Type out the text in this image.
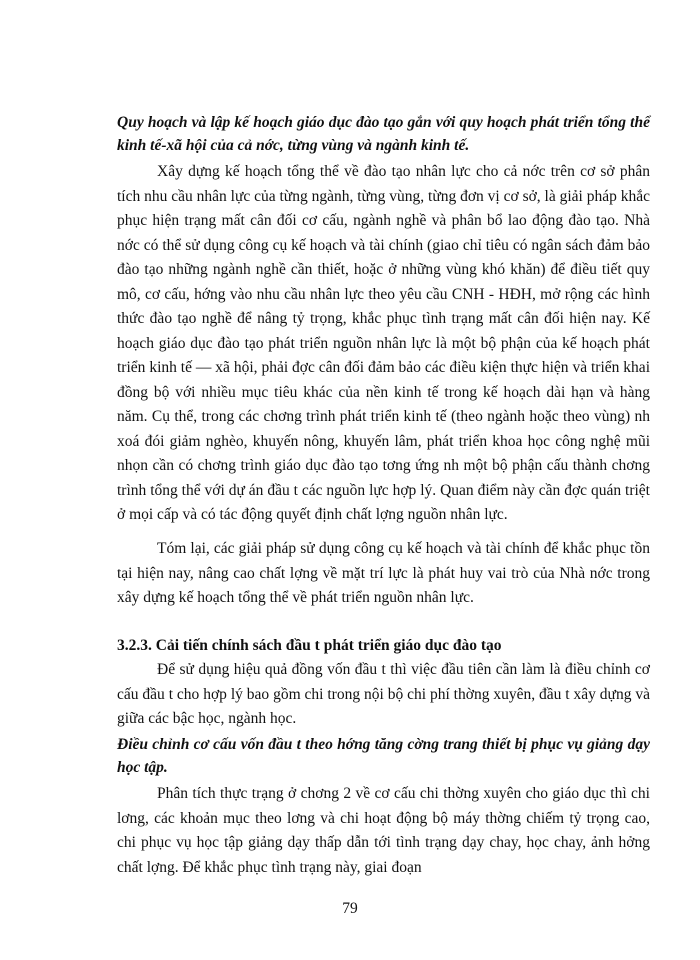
Quy hoạch và lập kế hoạch giáo dục đào tạo gắn với quy hoạch phát triển tổng thể kinh tế-xã hội của cả nớc, từng vùng và ngành kinh tế.

Xây dựng kế hoạch tổng thể về đào tạo nhân lực cho cả nớc trên cơ sở phân tích nhu cầu nhân lực của từng ngành, từng vùng, từng đơn vị cơ sở, là giải pháp khắc phục hiện trạng mất cân đối cơ cấu, ngành nghề và phân bổ lao động đào tạo. Nhà nớc có thể sử dụng công cụ kế hoạch và tài chính (giao chỉ tiêu có ngân sách đảm bảo đào tạo những ngành nghề cần thiết, hoặc ở những vùng khó khăn) để điều tiết quy mô, cơ cấu, hớng vào nhu cầu nhân lực theo yêu cầu CNH - HĐH, mở rộng các hình thức đào tạo nghề để nâng tỷ trọng, khắc phục tình trạng mất cân đối hiện nay. Kế hoạch giáo dục đào tạo phát triển nguồn nhân lực là một bộ phận của kế hoạch phát triển kinh tế — xã hội, phải đợc cân đối đảm bảo các điều kiện thực hiện và triển khai đồng bộ với nhiều mục tiêu khác của nền kinh tế trong kế hoạch dài hạn và hàng năm. Cụ thể, trong các chơng trình phát triển kinh tế (theo ngành hoặc theo vùng) nh xoá đói giảm nghèo, khuyến nông, khuyến lâm, phát triển khoa học công nghệ mũi nhọn cần có chơng trình giáo dục đào tạo tơng ứng nh một bộ phận cấu thành chơng trình tổng thể với dự án đầu t các nguồn lực hợp lý. Quan điểm này cần đợc quán triệt ở mọi cấp và có tác động quyết định chất lợng nguồn nhân lực.

Tóm lại, các giải pháp sử dụng công cụ kế hoạch và tài chính để khắc phục tồn tại hiện nay, nâng cao chất lợng về mặt trí lực là phát huy vai trò của Nhà nớc trong xây dựng kế hoạch tổng thể về phát triển nguồn nhân lực.

3.2.3. Cải tiến chính sách đầu t phát triển giáo dục đào tạo

Để sử dụng hiệu quả đồng vốn đầu t thì việc đầu tiên cần làm là điều chỉnh cơ cấu đầu t cho hợp lý bao gồm chi trong nội bộ chi phí thờng xuyên, đầu t xây dựng và giữa các bậc học, ngành học.

Điều chỉnh cơ cấu vốn đầu t theo hớng tăng cờng trang thiết bị phục vụ giảng dạy học tập.

Phân tích thực trạng ở chơng 2 về cơ cấu chi thờng xuyên cho giáo dục thì chi lơng, các khoản mục theo lơng và chi hoạt động bộ máy thờng chiếm tỷ trọng cao, chi phục vụ học tập giảng dạy thấp dẫn tới tình trạng dạy chay, học chay, ảnh hởng chất lợng. Để khắc phục tình trạng này, giai đoạn

79
